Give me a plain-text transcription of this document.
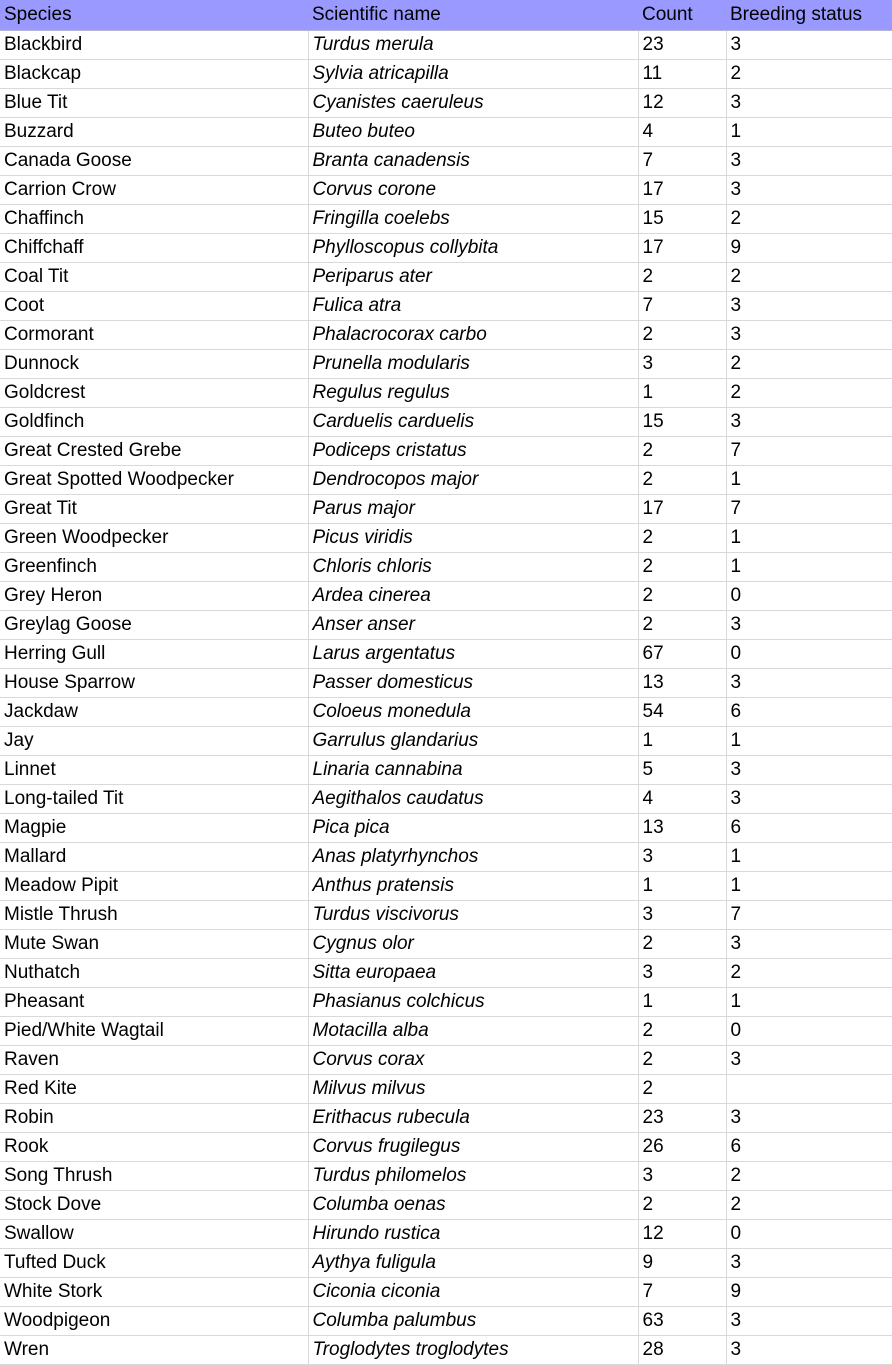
Species	Scientific name	Count	Breeding status
Blackbird	Turdus merula	23	3
Blackcap	Sylvia atricapilla	11	2
Blue Tit	Cyanistes caeruleus	12	3
Buzzard	Buteo buteo	4	1
Canada Goose	Branta canadensis	7	3
Carrion Crow	Corvus corone	17	3
Chaffinch	Fringilla coelebs	15	2
Chiffchaff	Phylloscopus collybita	17	9
Coal Tit	Periparus ater	2	2
Coot	Fulica atra	7	3
Cormorant	Phalacrocorax carbo	2	3
Dunnock	Prunella modularis	3	2
Goldcrest	Regulus regulus	1	2
Goldfinch	Carduelis carduelis	15	3
Great Crested Grebe	Podiceps cristatus	2	7
Great Spotted Woodpecker	Dendrocopos major	2	1
Great Tit	Parus major	17	7
Green Woodpecker	Picus viridis	2	1
Greenfinch	Chloris chloris	2	1
Grey Heron	Ardea cinerea	2	0
Greylag Goose	Anser anser	2	3
Herring Gull	Larus argentatus	67	0
House Sparrow	Passer domesticus	13	3
Jackdaw	Coloeus monedula	54	6
Jay	Garrulus glandarius	1	1
Linnet	Linaria cannabina	5	3
Long-tailed Tit	Aegithalos caudatus	4	3
Magpie	Pica pica	13	6
Mallard	Anas platyrhynchos	3	1
Meadow Pipit	Anthus pratensis	1	1
Mistle Thrush	Turdus viscivorus	3	7
Mute Swan	Cygnus olor	2	3
Nuthatch	Sitta europaea	3	2
Pheasant	Phasianus colchicus	1	1
Pied/White Wagtail	Motacilla alba	2	0
Raven	Corvus corax	2	3
Red Kite	Milvus milvus	2	
Robin	Erithacus rubecula	23	3
Rook	Corvus frugilegus	26	6
Song Thrush	Turdus philomelos	3	2
Stock Dove	Columba oenas	2	2
Swallow	Hirundo rustica	12	0
Tufted Duck	Aythya fuligula	9	3
White Stork	Ciconia ciconia	7	9
Woodpigeon	Columba palumbus	63	3
Wren	Troglodytes troglodytes	28	3
